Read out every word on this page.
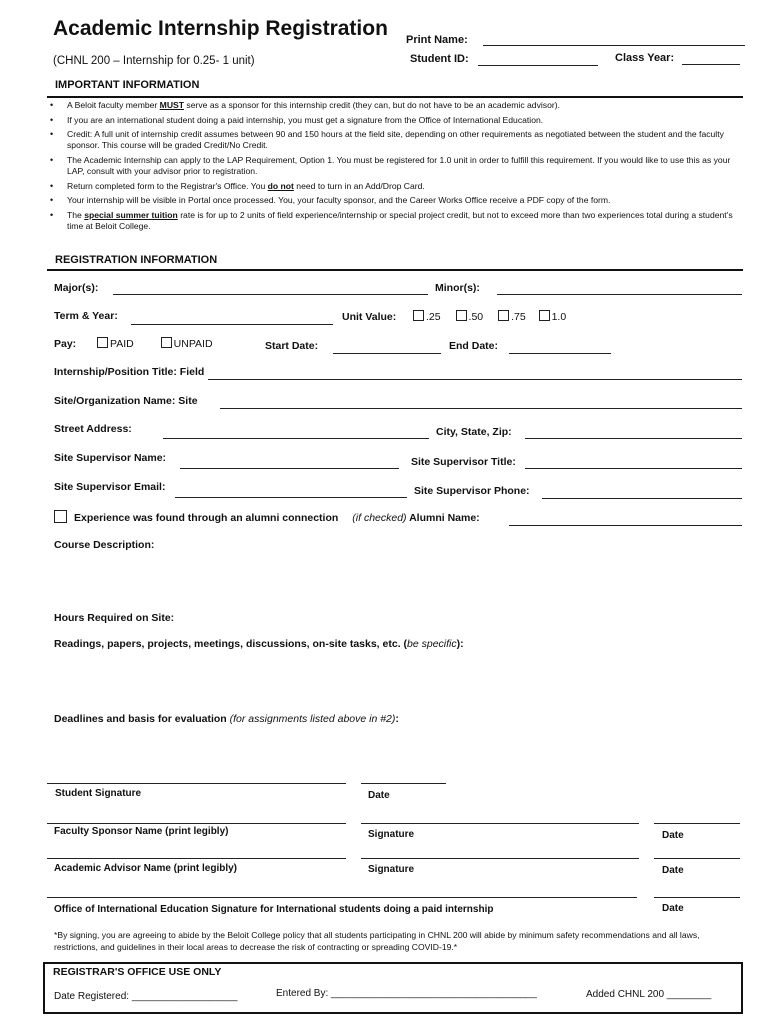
Academic Internship Registration
(CHNL 200 – Internship for 0.25- 1 unit)
Print Name:
Student ID:	Class Year:
IMPORTANT INFORMATION
• A Beloit faculty member MUST serve as a sponsor for this internship credit (they can, but do not have to be an academic advisor).
• If you are an international student doing a paid internship, you must get a signature from the Office of International Education.
• Credit: A full unit of internship credit assumes between 90 and 150 hours at the field site, depending on other requirements as negotiated between the student and the faculty sponsor. This course will be graded Credit/No Credit.
• The Academic Internship can apply to the LAP Requirement, Option 1. You must be registered for 1.0 unit in order to fulfill this requirement. If you would like to use this as your LAP, consult with your advisor prior to registration.
• Return completed form to the Registrar's Office. You do not need to turn in an Add/Drop Card.
• Your internship will be visible in Portal once processed. You, your faculty sponsor, and the Career Works Office receive a PDF copy of the form.
• The special summer tuition rate is for up to 2 units of field experience/internship or special project credit, but not to exceed more than two experiences total during a student's time at Beloit College.
REGISTRATION INFORMATION
Major(s):	Minor(s):
Term & Year:	Unit Value:	.25	.50	.75 1.0
Pay:	PAID	UNPAID	Start Date:	End Date:
Internship/Position Title: Field
Site/Organization Name: Site
Street Address:	City, State, Zip:
Site Supervisor Name:	Site Supervisor Title:
Site Supervisor Email:	Site Supervisor Phone:
Experience was found through an alumni connection (if checked) Alumni Name:
Course Description:
Hours Required on Site:
Readings, papers, projects, meetings, discussions, on-site tasks, etc. (be specific):
Deadlines and basis for evaluation (for assignments listed above in #2):
Student Signature	Date
Faculty Sponsor Name (print legibly)	Signature	Date
Academic Advisor Name (print legibly)	Signature	Date
Office of International Education Signature for International students doing a paid internship	Date
*By signing, you are agreeing to abide by the Beloit College policy that all students participating in CHNL 200 will abide by minimum safety recommendations and all laws, restrictions, and guidelines in their local areas to decrease the risk of contracting or spreading COVID-19.*
REGISTRAR'S OFFICE USE ONLY
Date Registered: ___________________	Entered By: _____________________________________	Added CHNL 200 ________
